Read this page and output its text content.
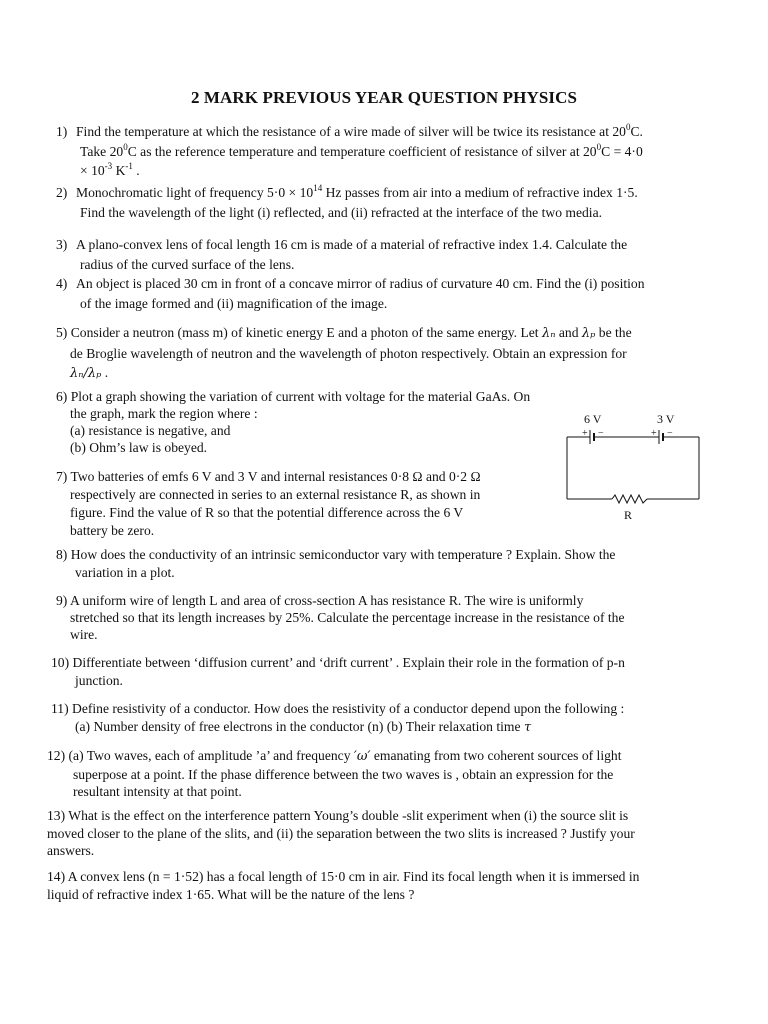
2 MARK PREVIOUS YEAR QUESTION PHYSICS
1) Find the temperature at which the resistance of a wire made of silver will be twice its resistance at $20^0C$.
Take $20^0C$ as the reference temperature and temperature coefficient of resistance of silver at $20^0C = 4\cdot 0$
× $10^{-3}$ $K^{-1}$ .
2) Monochromatic light of frequency $5\cdot 0 \times 10^{14}$ Hz passes from air into a medium of refractive index 1·5.
Find the wavelength of the light (i) reflected, and (ii) refracted at the interface of the two media.
3) A plano-convex lens of focal length 16 cm is made of a material of refractive index 1.4. Calculate the
radius of the curved surface of the lens.
4) An object is placed 30 cm in front of a concave mirror of radius of curvature 40 cm. Find the (i) position
of the image formed and (ii) magnification of the image.
5) Consider a neutron (mass m) of kinetic energy E and a photon of the same energy. Let λₙ and λₚ be the
de Broglie wavelength of neutron and the wavelength of photon respectively. Obtain an expression for
λₙ/λₚ .
6) Plot a graph showing the variation of current with voltage for the material GaAs. On
the graph, mark the region where :
(a) resistance is negative, and
(b) Ohm’s law is obeyed.
6 V	3 V
+ −	+ −
R
7) Two batteries of emfs 6 V and 3 V and internal resistances 0·8 Ω and 0·2 Ω
respectively are connected in series to an external resistance R, as shown in
figure. Find the value of R so that the potential difference across the 6 V
battery be zero.
8) How does the conductivity of an intrinsic semiconductor vary with temperature ? Explain. Show the
variation in a plot.
9) A uniform wire of length L and area of cross-section A has resistance R. The wire is uniformly
stretched so that its length increases by 25%. Calculate the percentage increase in the resistance of the
wire.
10) Differentiate between ‘diffusion current’ and ‘drift current’ . Explain their role in the formation of p-n
junction.
11) Define resistivity of a conductor. How does the resistivity of a conductor depend upon the following :
(a) Number density of free electrons in the conductor (n) (b) Their relaxation time τ
12) (a) Two waves, each of amplitude ’a’ and frequency ′ω′ emanating from two coherent sources of light
superpose at a point. If the phase difference between the two waves is , obtain an expression for the
resultant intensity at that point.
13) What is the effect on the interference pattern Young’s double -slit experiment when (i) the source slit is
moved closer to the plane of the slits, and (ii) the separation between the two slits is increased ? Justify your
answers.
14) A convex lens (n = 1·52) has a focal length of 15·0 cm in air. Find its focal length when it is immersed in
liquid of refractive index 1·65. What will be the nature of the lens ?
